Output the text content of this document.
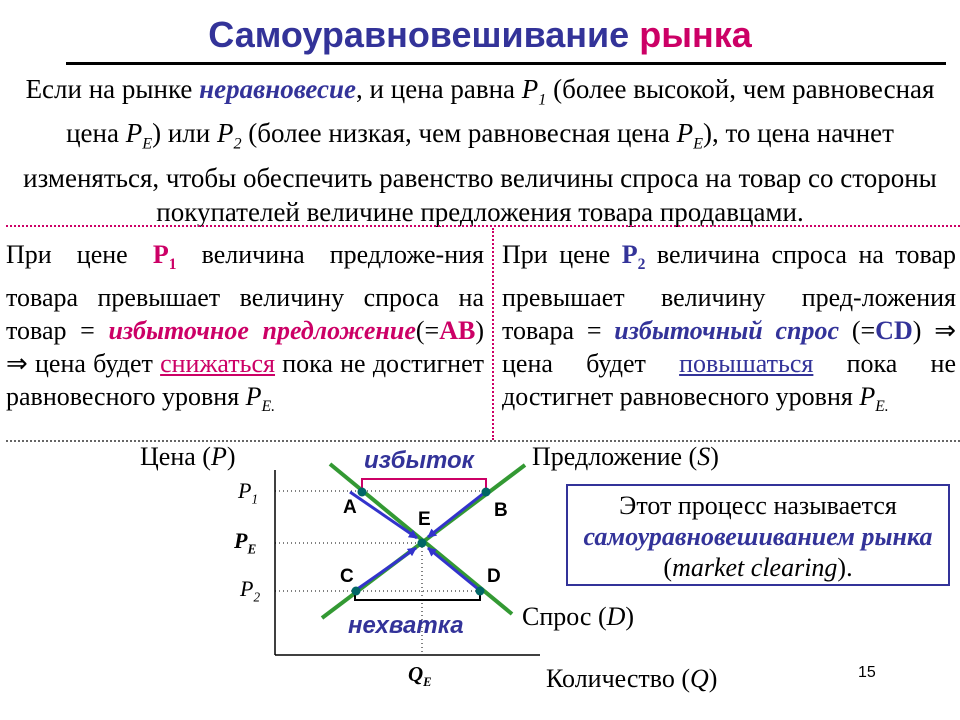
Самоуравновешивание рынка
Если на рынке неравновесие, и цена равна $P_1$ (более высокой, чем равновесная цена $P_E$) или $P_2$ (более низкая, чем равновесная цена $P_E$), то цена начнет изменяться, чтобы обеспечить равенство величины спроса на товар со стороны покупателей величине предложения товара продавцами.
При цене $P_1$ величина предложе-ния товара превышает величину спроса на товар = избыточное предложение(=AB) ⇒ цена будет снижаться пока не достигнет равновесного уровня $P_{E.}$
При цене $P_2$ величина спроса на товар превышает величину пред-ложения товара = избыточный спрос (=CD) ⇒ цена будет повышаться пока не достигнет равновесного уровня $P_{E.}$
Цена (P)	Предложение (S)
Спрос (D)
Количество (Q)
$P_1$
$P_E$
$P_2$
$Q_E$
избыток
нехватка
A	B
E
C	D
Этот процесс называется самоуравновешиванием рынка (market clearing).
15
